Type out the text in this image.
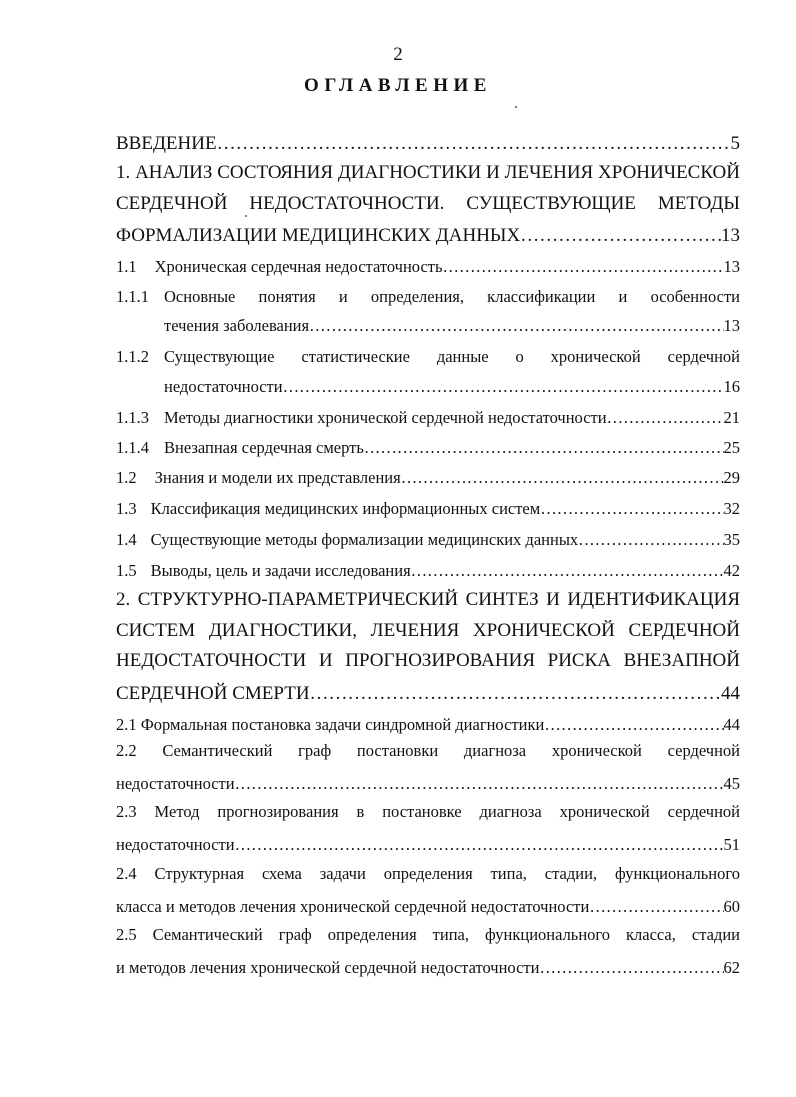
2
ОГЛАВЛЕНИЕ
ВВЕДЕНИЕ ………………………………………………………………………………………………………………………………………………………………………………	5
1. АНАЛИЗ СОСТОЯНИЯ ДИАГНОСТИКИ И ЛЕЧЕНИЯ ХРОНИЧЕСКОЙ
СЕРДЕЧНОЙ НЕДОСТАТОЧНОСТИ. СУЩЕСТВУЮЩИЕ МЕТОДЫ
ФОРМАЛИЗАЦИИ МЕДИЦИНСКИХ ДАННЫХ ………………………………………………………………………………………………………………………………………………………………………………	13
1.1 Хроническая сердечная недостаточность ………………………………………………………………………………………………………………………………………………………………………………	13
1.1.1 Основные понятия и определения, классификации и особенности
течения заболевания ………………………………………………………………………………………………………………………………………………………………………………	13
1.1.2 Существующие статистические данные о хронической сердечной
недостаточности ………………………………………………………………………………………………………………………………………………………………………………	16
1.1.3 Методы диагностики хронической сердечной недостаточности ………………………………………………………………………………………………………………………………………………………………………………	21
1.1.4 Внезапная сердечная смерть ………………………………………………………………………………………………………………………………………………………………………………	25
1.2 Знания и модели их представления ………………………………………………………………………………………………………………………………………………………………………………	29
1.3 Классификация медицинских информационных систем ………………………………………………………………………………………………………………………………………………………………………………	32
1.4 Существующие методы формализации медицинских данных ………………………………………………………………………………………………………………………………………………………………………………	35
1.5 Выводы, цель и задачи исследования ………………………………………………………………………………………………………………………………………………………………………………	42
2. СТРУКТУРНО-ПАРАМЕТРИЧЕСКИЙ СИНТЕЗ И ИДЕНТИФИКАЦИЯ
СИСТЕМ ДИАГНОСТИКИ, ЛЕЧЕНИЯ ХРОНИЧЕСКОЙ СЕРДЕЧНОЙ
НЕДОСТАТОЧНОСТИ И ПРОГНОЗИРОВАНИЯ РИСКА ВНЕЗАПНОЙ
СЕРДЕЧНОЙ СМЕРТИ ………………………………………………………………………………………………………………………………………………………………………………	44
2.1 Формальная постановка задачи синдромной диагностики ………………………………………………………………………………………………………………………………………………………………………………	44
2.2 Семантический граф постановки диагноза хронической сердечной
недостаточности ………………………………………………………………………………………………………………………………………………………………………………	45
2.3 Метод прогнозирования в постановке диагноза хронической сердечной
недостаточности ………………………………………………………………………………………………………………………………………………………………………………	51
2.4 Структурная схема задачи определения типа, стадии, функционального
класса и методов лечения хронической сердечной недостаточности ………………………………………………………………………………………………………………………………………………………………………………	60
2.5 Семантический граф определения типа, функционального класса, стадии
и методов лечения хронической сердечной недостаточности ………………………………………………………………………………………………………………………………………………………………………………	62
